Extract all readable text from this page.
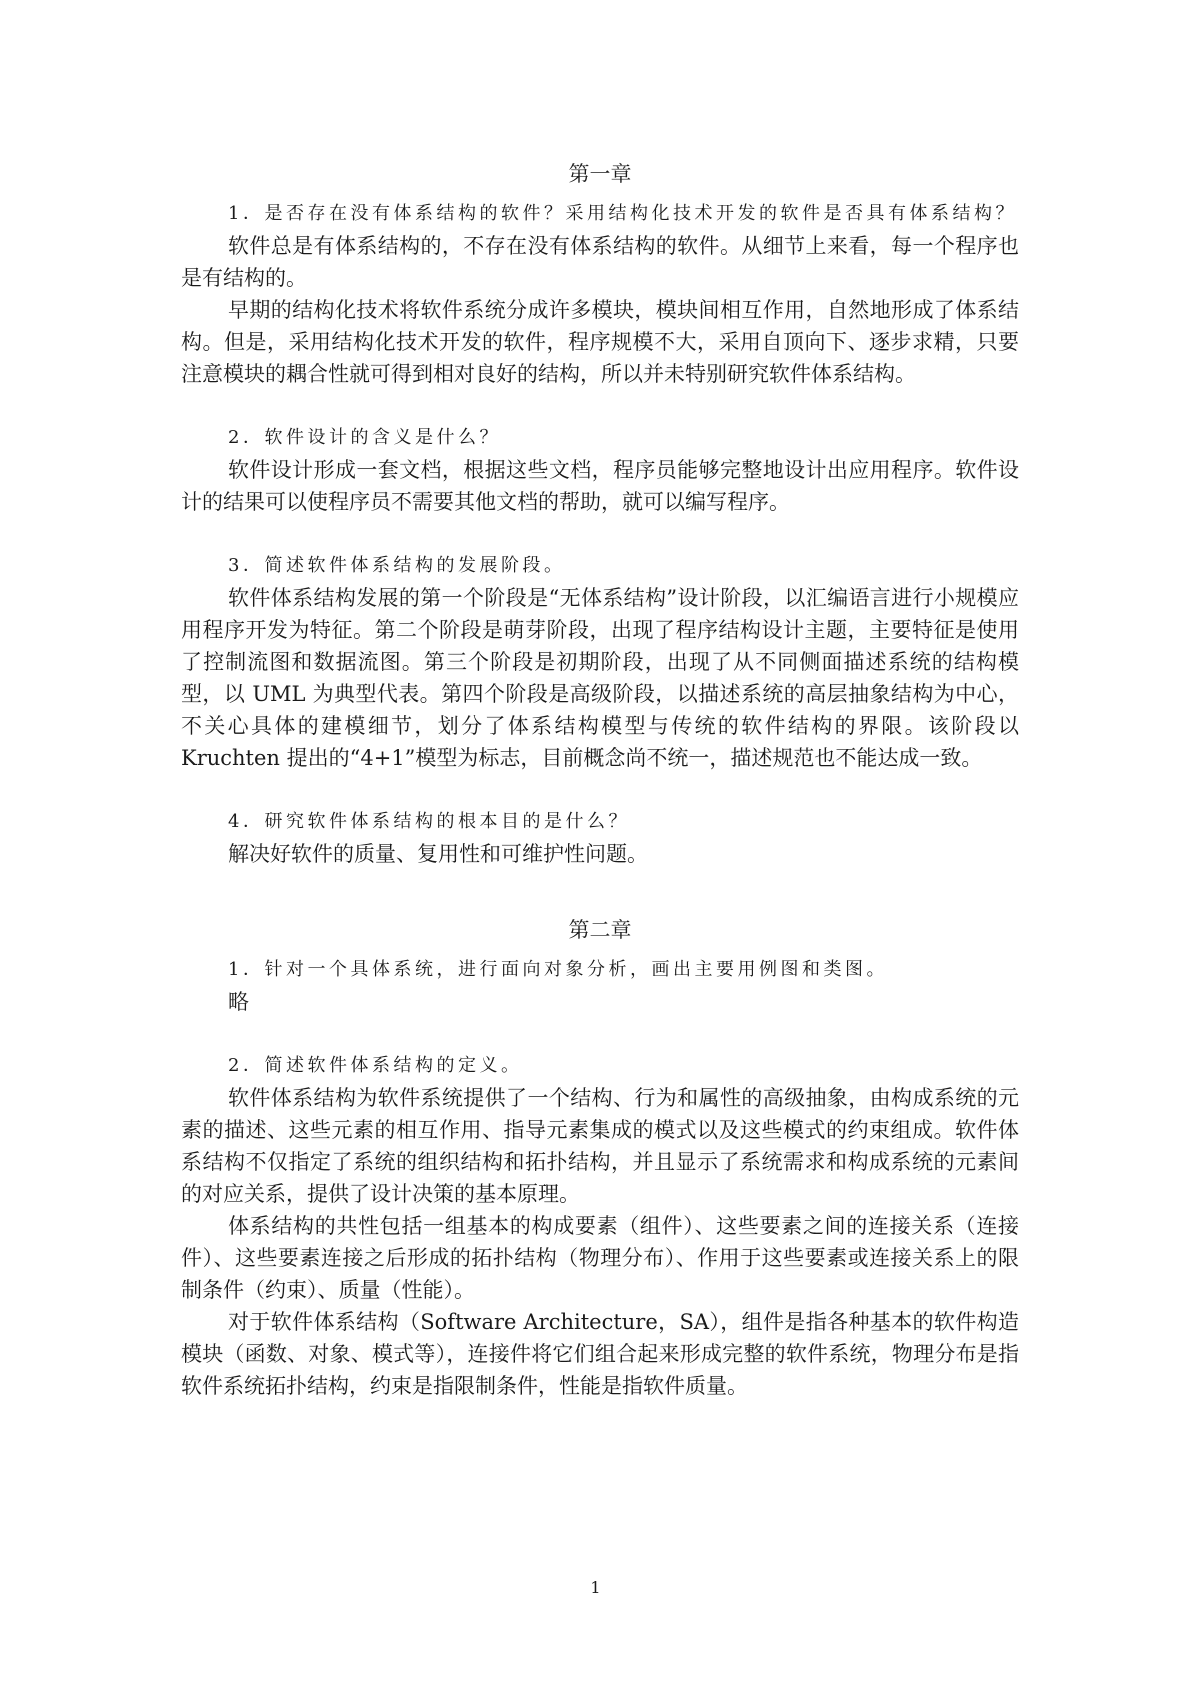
第一章

1．是否存在没有体系结构的软件？采用结构化技术开发的软件是否具有体系结构？

软件总是有体系结构的，不存在没有体系结构的软件。从细节上来看，每一个程序也是有结构的。

早期的结构化技术将软件系统分成许多模块，模块间相互作用，自然地形成了体系结构。但是，采用结构化技术开发的软件，程序规模不大，采用自顶向下、逐步求精，只要注意模块的耦合性就可得到相对良好的结构，所以并未特别研究软件体系结构。

2．软件设计的含义是什么？

软件设计形成一套文档，根据这些文档，程序员能够完整地设计出应用程序。软件设计的结果可以使程序员不需要其他文档的帮助，就可以编写程序。

3．简述软件体系结构的发展阶段。

软件体系结构发展的第一个阶段是“无体系结构”设计阶段，以汇编语言进行小规模应用程序开发为特征。第二个阶段是萌芽阶段，出现了程序结构设计主题，主要特征是使用了控制流图和数据流图。第三个阶段是初期阶段，出现了从不同侧面描述系统的结构模型，以 UML 为典型代表。第四个阶段是高级阶段，以描述系统的高层抽象结构为中心，不关心具体的建模细节，划分了体系结构模型与传统的软件结构的界限。该阶段以 Kruchten 提出的“4+1”模型为标志，目前概念尚不统一，描述规范也不能达成一致。

4．研究软件体系结构的根本目的是什么？

解决好软件的质量、复用性和可维护性问题。

第二章

1．针对一个具体系统，进行面向对象分析，画出主要用例图和类图。

略

2．简述软件体系结构的定义。

软件体系结构为软件系统提供了一个结构、行为和属性的高级抽象，由构成系统的元素的描述、这些元素的相互作用、指导元素集成的模式以及这些模式的约束组成。软件体系结构不仅指定了系统的组织结构和拓扑结构，并且显示了系统需求和构成系统的元素间的对应关系，提供了设计决策的基本原理。

体系结构的共性包括一组基本的构成要素（组件）、这些要素之间的连接关系（连接件）、这些要素连接之后形成的拓扑结构（物理分布）、作用于这些要素或连接关系上的限制条件（约束）、质量（性能）。

对于软件体系结构（Software Architecture，SA），组件是指各种基本的软件构造模块（函数、对象、模式等），连接件将它们组合起来形成完整的软件系统，物理分布是指软件系统拓扑结构，约束是指限制条件，性能是指软件质量。

1
